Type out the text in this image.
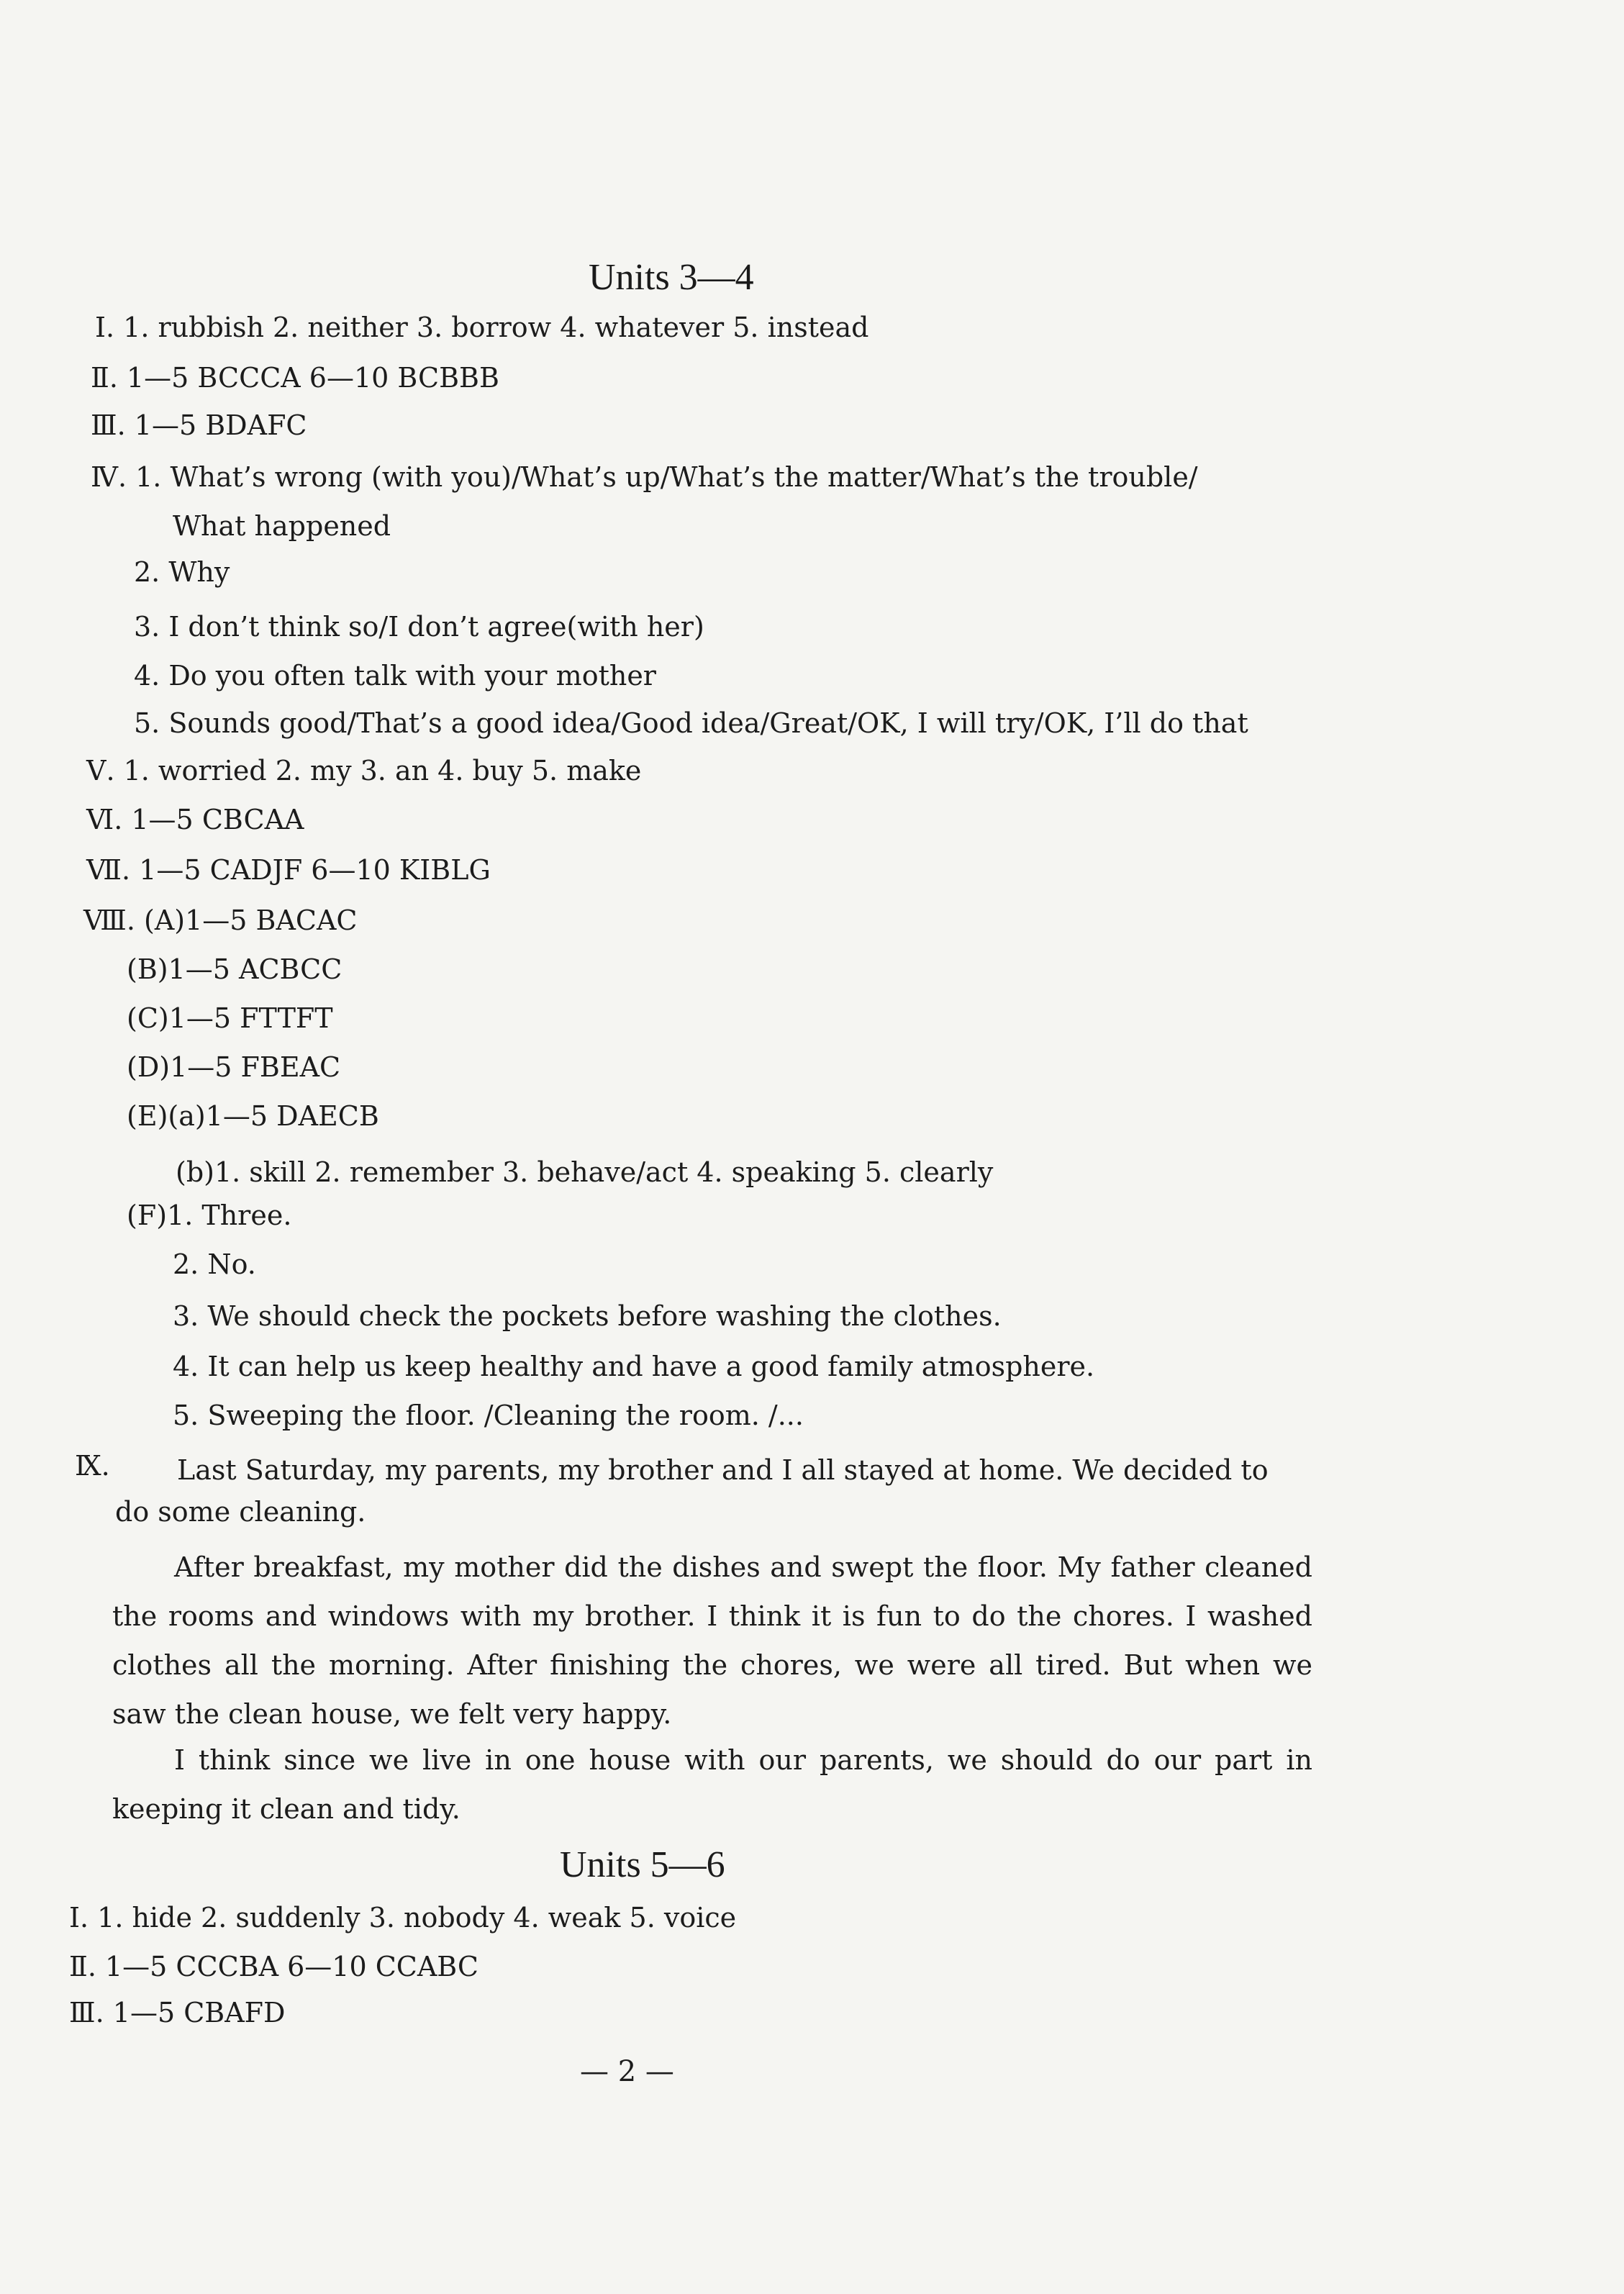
Units 3—4
Ⅰ. 1. rubbish 2. neither 3. borrow 4. whatever 5. instead
Ⅱ. 1—5 BCCCA 6—10 BCBBB
Ⅲ. 1—5 BDAFC
Ⅳ. 1. What’s wrong (with you)/What’s up/What’s the matter/What’s the trouble/
What happened
2. Why
3. I don’t think so/I don’t agree(with her)
4. Do you often talk with your mother
5. Sounds good/That’s a good idea/Good idea/Great/OK, I will try/OK, I’ll do that
Ⅴ. 1. worried 2. my 3. an 4. buy 5. make
Ⅵ. 1—5 CBCAA
Ⅶ. 1—5 CADJF 6—10 KIBLG
Ⅷ. (A)1—5 BACAC
(B)1—5 ACBCC
(C)1—5 FTTFT
(D)1—5 FBEAC
(E)(a)1—5 DAECB
(b)1. skill 2. remember 3. behave/act 4. speaking 5. clearly
(F)1. Three.
2. No.
3. We should check the pockets before washing the clothes.
4. It can help us keep healthy and have a good family atmosphere.
5. Sweeping the floor. /Cleaning the room. /...
Ⅸ. Last Saturday, my parents, my brother and I all stayed at home. We decided to
do some cleaning.
After breakfast, my mother did the dishes and swept the floor. My father cleaned the rooms and windows with my brother. I think it is fun to do the chores. I washed clothes all the morning. After finishing the chores, we were all tired. But when we saw the clean house, we felt very happy.
I think since we live in one house with our parents, we should do our part in keeping it clean and tidy.
Units 5—6
Ⅰ. 1. hide 2. suddenly 3. nobody 4. weak 5. voice
Ⅱ. 1—5 CCCBA 6—10 CCABC
Ⅲ. 1—5 CBAFD
— 2 —
